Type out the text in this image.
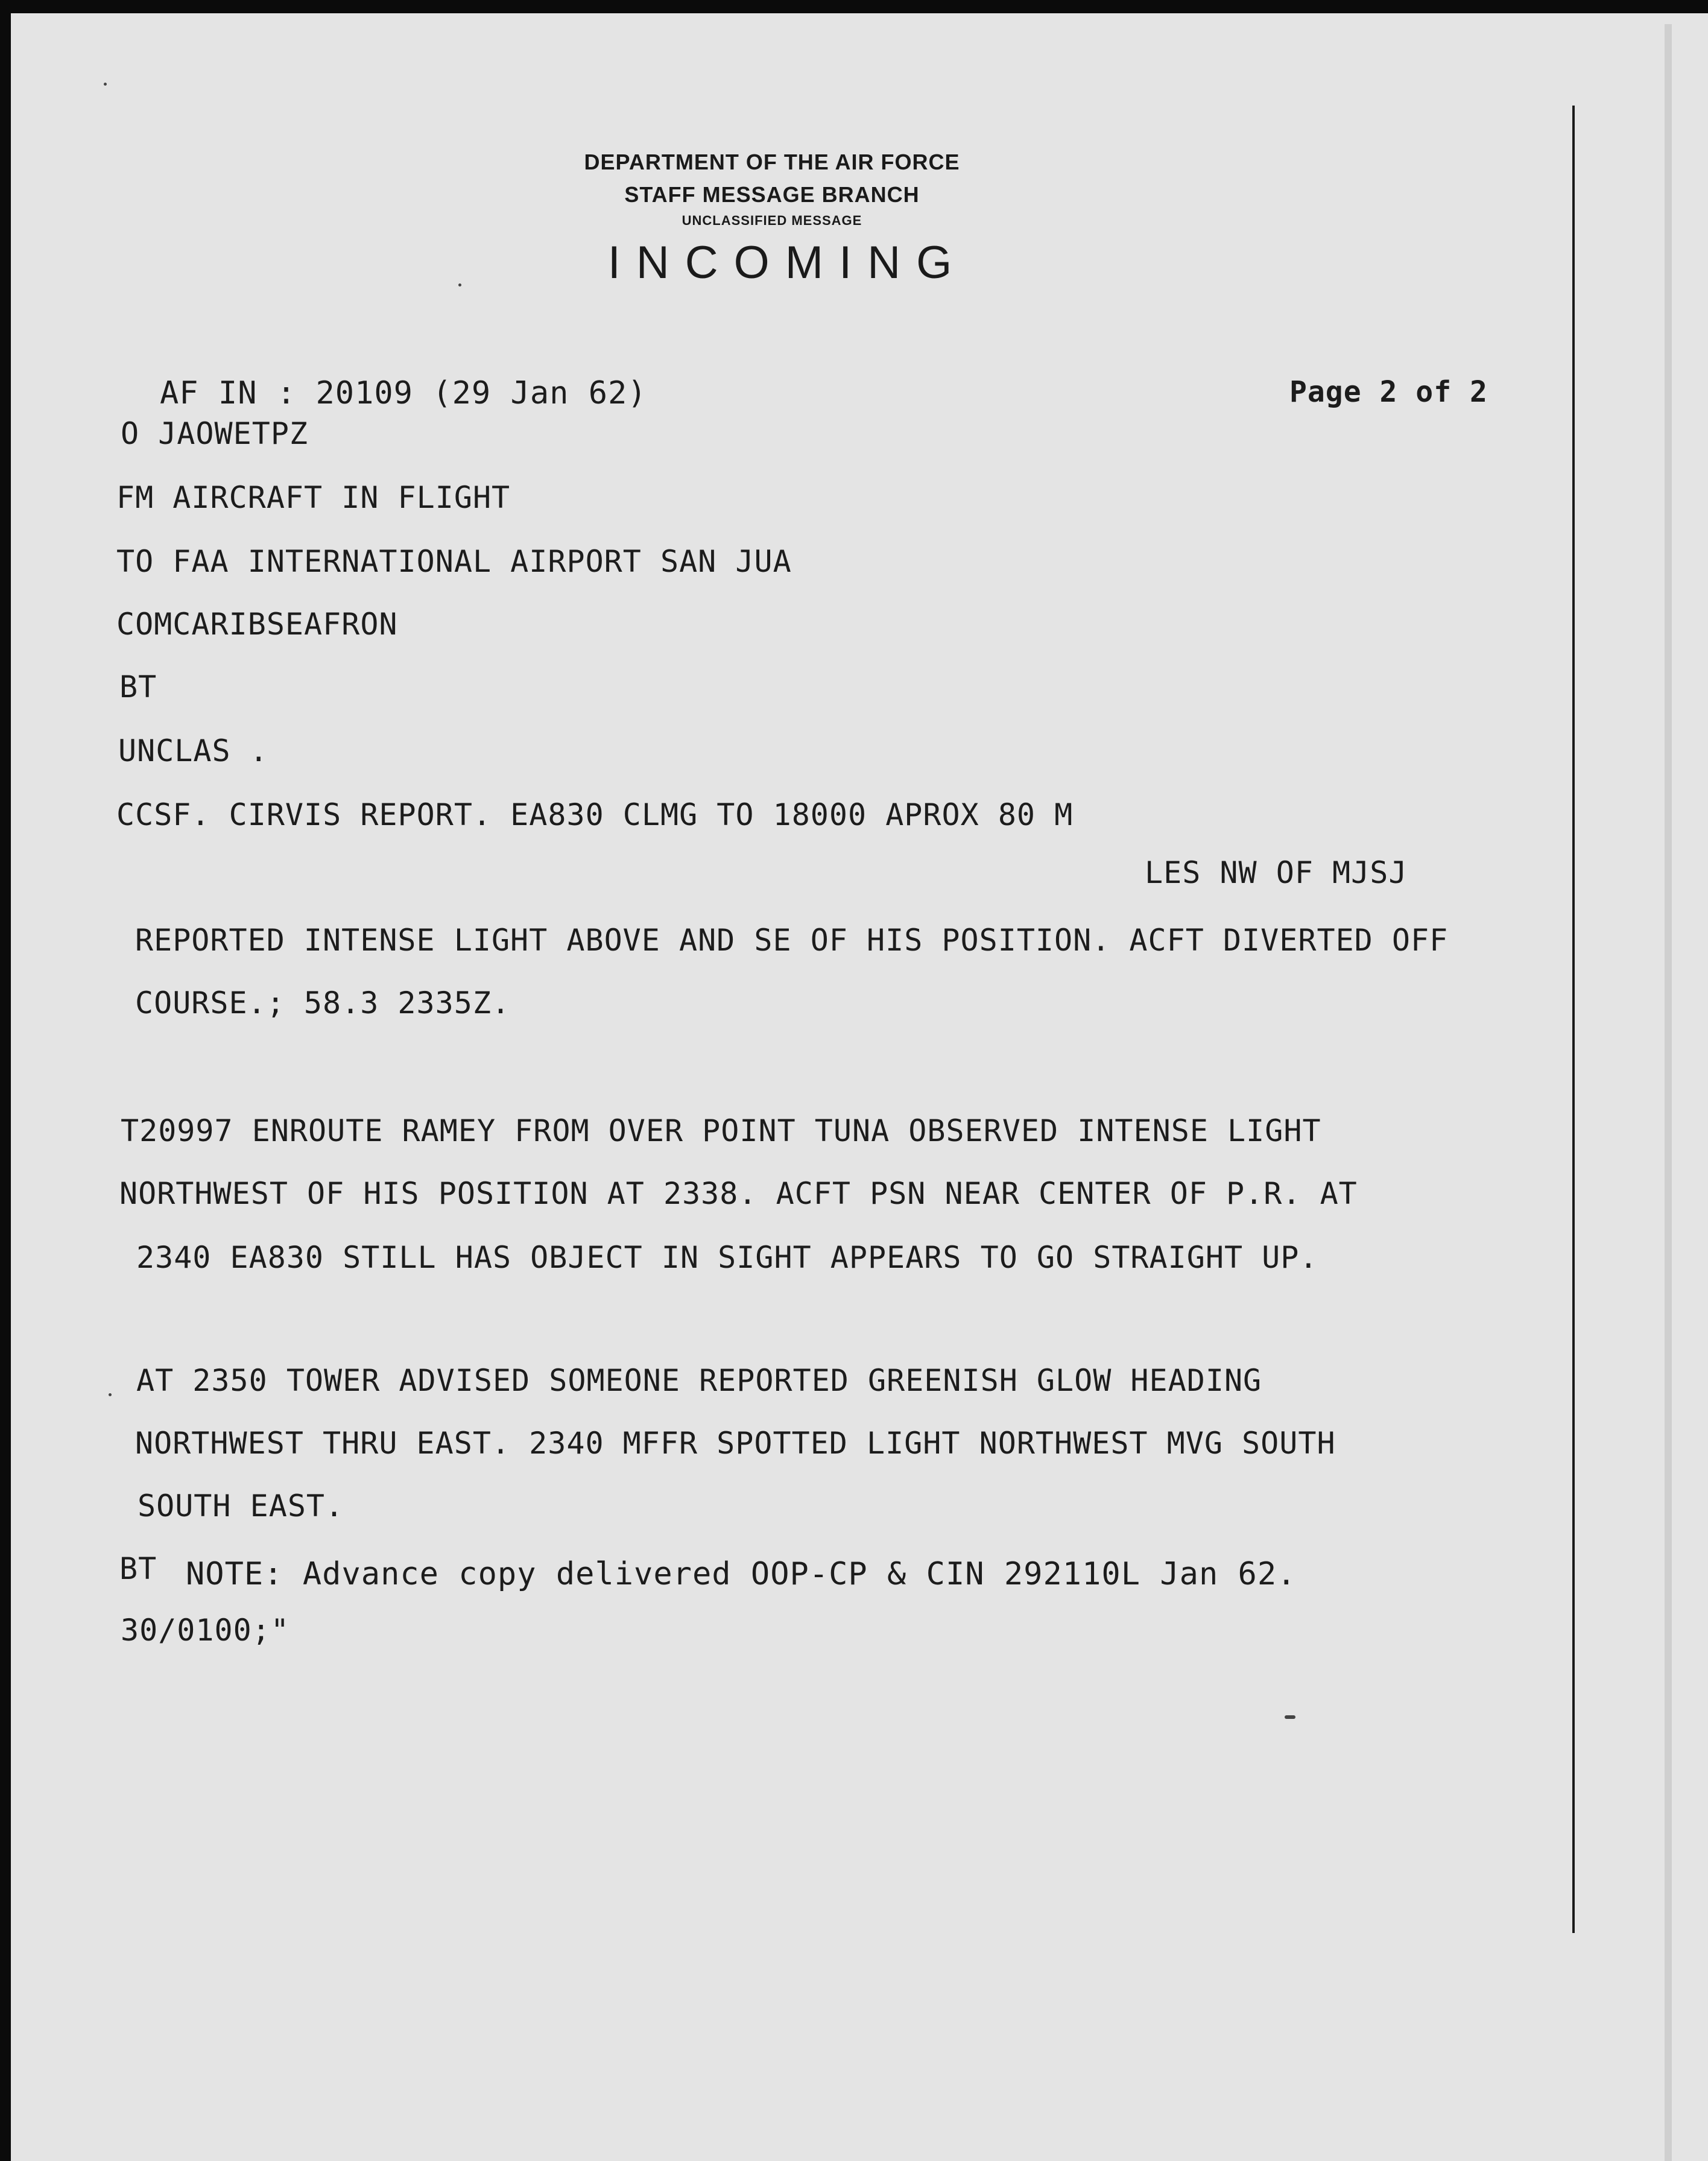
DEPARTMENT OF THE AIR FORCE
STAFF MESSAGE BRANCH
UNCLASSIFIED MESSAGE
INCOMING
AF IN : 20109 (29 Jan 62)	Page 2 of 2
O JAOWETPZ
FM AIRCRAFT IN FLIGHT
TO FAA INTERNATIONAL AIRPORT SAN JUA
COMCARIBSEAFRON
BT
UNCLAS .
CCSF. CIRVIS REPORT. EA830 CLMG TO 18000 APROX 80 M
LES NW OF MJSJ
REPORTED INTENSE LIGHT ABOVE AND SE OF HIS POSITION. ACFT DIVERTED OFF
COURSE.; 58.3 2335Z.
T20997 ENROUTE RAMEY FROM OVER POINT TUNA OBSERVED INTENSE LIGHT
NORTHWEST OF HIS POSITION AT 2338. ACFT PSN NEAR CENTER OF P.R. AT
2340 EA830 STILL HAS OBJECT IN SIGHT APPEARS TO GO STRAIGHT UP.
AT 2350 TOWER ADVISED SOMEONE REPORTED GREENISH GLOW HEADING
NORTHWEST THRU EAST. 2340 MFFR SPOTTED LIGHT NORTHWEST MVG SOUTH
SOUTH EAST.
BT NOTE: Advance copy delivered OOP-CP & CIN 292110L Jan 62.
30/0100;"
